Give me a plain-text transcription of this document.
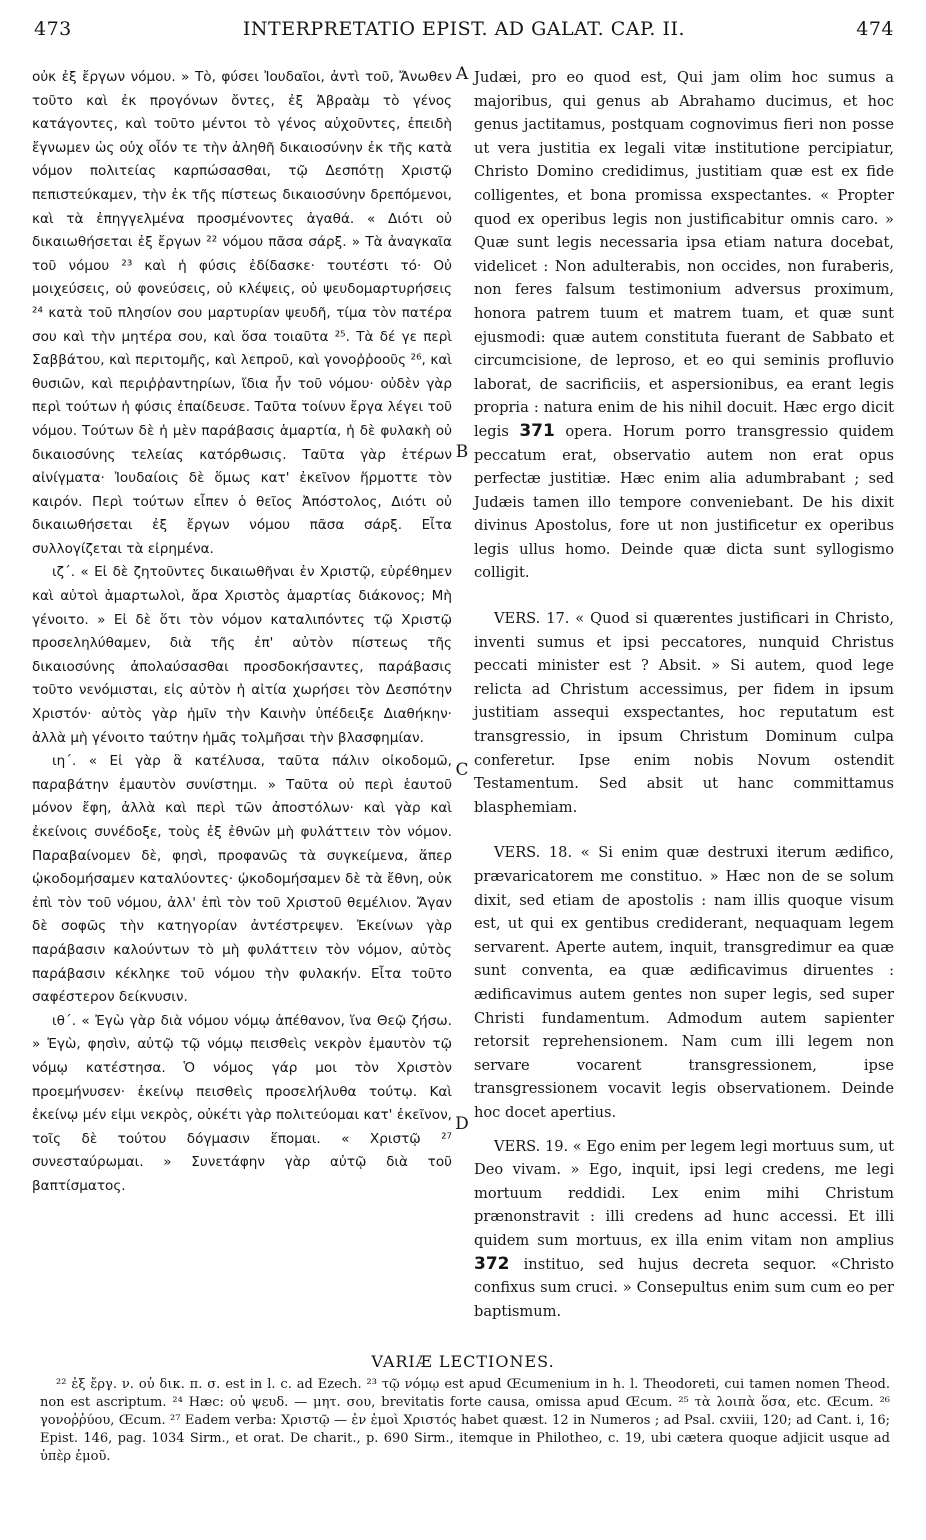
473	INTERPRETATIO EPIST. AD GALAT. CAP. II.	474
A
B
C
D

οὐκ ἐξ ἔργων νόμου. » Τὸ, φύσει Ἰουδαῖοι, ἀντὶ τοῦ, Ἄνωθεν τοῦτο καὶ ἐκ προγόνων ὄντες, ἐξ Ἀβραὰμ τὸ γένος κατάγοντες, καὶ τοῦτο μέντοι τὸ γένος αὐχοῦντες, ἐπειδὴ ἔγνωμεν ὡς οὐχ οἷόν τε τὴν ἀληθῆ δικαιοσύνην ἐκ τῆς κατὰ νόμον πολιτείας καρπώσασθαι, τῷ Δεσπότῃ Χριστῷ πεπιστεύκαμεν, τὴν ἐκ τῆς πίστεως δικαιοσύνην δρεπόμενοι, καὶ τὰ ἐπηγγελμένα προσμένοντες ἀγαθά. « Διότι οὐ δικαιωθήσεται ἐξ ἔργων ²² νόμου πᾶσα σάρξ. » Τὰ ἀναγκαῖα τοῦ νόμου ²³ καὶ ἡ φύσις ἐδίδασκε· τουτέστι τό· Οὐ μοιχεύσεις, οὐ φονεύσεις, οὐ κλέψεις, οὐ ψευδομαρτυρήσεις ²⁴ κατὰ τοῦ πλησίον σου μαρτυρίαν ψευδῆ, τίμα τὸν πατέρα σου καὶ τὴν μητέρα σου, καὶ ὅσα τοιαῦτα ²⁵. Τὰ δέ γε περὶ Σαββάτου, καὶ περιτομῆς, καὶ λεπροῦ, καὶ γονοῤῥοοῦς ²⁶, καὶ θυσιῶν, καὶ περιῤῥαντηρίων, ἴδια ἦν τοῦ νόμου· οὐδὲν γὰρ περὶ τούτων ἡ φύσις ἐπαίδευσε. Ταῦτα τοίνυν ἔργα λέγει τοῦ νόμου. Τούτων δὲ ἡ μὲν παράβασις ἁμαρτία, ἡ δὲ φυλακὴ οὐ δικαιοσύνης τελείας κατόρθωσις. Ταῦτα γὰρ ἑτέρων αἰνίγματα· Ἰουδαίοις δὲ ὅμως κατ' ἐκεῖνον ἥρμοττε τὸν καιρόν. Περὶ τούτων εἶπεν ὁ θεῖος Ἀπόστολος, Διότι οὐ δικαιωθήσεται ἐξ ἔργων νόμου πᾶσα σάρξ. Εἶτα συλλογίζεται τὰ εἰρημένα.

ιζ΄. « Εἰ δὲ ζητοῦντες δικαιωθῆναι ἐν Χριστῷ, εὑρέθημεν καὶ αὐτοὶ ἁμαρτωλοὶ, ἄρα Χριστὸς ἁμαρτίας διάκονος; Μὴ γένοιτο. » Εἰ δὲ ὅτι τὸν νόμον καταλιπόντες τῷ Χριστῷ προσεληλύθαμεν, διὰ τῆς ἐπ' αὐτὸν πίστεως τῆς δικαιοσύνης ἀπολαύσασθαι προσδοκήσαντες, παράβασις τοῦτο νενόμισται, εἰς αὐτὸν ἡ αἰτία χωρήσει τὸν Δεσπότην Χριστόν· αὐτὸς γὰρ ἡμῖν τὴν Καινὴν ὑπέδειξε Διαθήκην· ἀλλὰ μὴ γένοιτο ταύτην ἡμᾶς τολμῆσαι τὴν βλασφημίαν.

ιη΄. « Εἰ γὰρ ἃ κατέλυσα, ταῦτα πάλιν οἰκοδομῶ, παραβάτην ἐμαυτὸν συνίστημι. » Ταῦτα οὐ περὶ ἑαυτοῦ μόνον ἔφη, ἀλλὰ καὶ περὶ τῶν ἀποστόλων· καὶ γὰρ καὶ ἐκείνοις συνέδοξε, τοὺς ἐξ ἐθνῶν μὴ φυλάττειν τὸν νόμον. Παραβαίνομεν δὲ, φησὶ, προφανῶς τὰ συγκείμενα, ἅπερ ᾠκοδομήσαμεν καταλύοντες· ᾠκοδομήσαμεν δὲ τὰ ἔθνη, οὐκ ἐπὶ τὸν τοῦ νόμου, ἀλλ' ἐπὶ τὸν τοῦ Χριστοῦ θεμέλιον. Ἄγαν δὲ σοφῶς τὴν κατηγορίαν ἀντέστρεψεν. Ἐκείνων γὰρ παράβασιν καλούντων τὸ μὴ φυλάττειν τὸν νόμον, αὐτὸς παράβασιν κέκληκε τοῦ νόμου τὴν φυλακήν. Εἶτα τοῦτο σαφέστερον δείκνυσιν.

ιθ΄. « Ἐγὼ γὰρ διὰ νόμου νόμῳ ἀπέθανον, ἵνα Θεῷ ζήσω. » Ἐγὼ, φησὶν, αὐτῷ τῷ νόμῳ πεισθεὶς νεκρὸν ἐμαυτὸν τῷ νόμῳ κατέστησα. Ὁ νόμος γάρ μοι τὸν Χριστὸν προεμήνυσεν· ἐκείνῳ πεισθεὶς προσελήλυθα τούτῳ. Καὶ ἐκείνῳ μέν εἰμι νεκρὸς, οὐκέτι γὰρ πολιτεύομαι κατ' ἐκεῖνον, τοῖς δὲ τούτου δόγμασιν ἕπομαι. « Χριστῷ ²⁷ συνεσταύρωμαι. » Συνετάφην γὰρ αὐτῷ διὰ τοῦ βαπτίσματος.

Judæi, pro eo quod est, Qui jam olim hoc sumus a majoribus, qui genus ab Abrahamo ducimus, et hoc genus jactitamus, postquam cognovimus fieri non posse ut vera justitia ex legali vitæ institutione percipiatur, Christo Domino credidimus, justitiam quæ est ex fide colligentes, et bona promissa exspectantes. « Propter quod ex operibus legis non justificabitur omnis caro. » Quæ sunt legis necessaria ipsa etiam natura docebat, videlicet : Non adulterabis, non occides, non furaberis, non feres falsum testimonium adversus proximum, honora patrem tuum et matrem tuam, et quæ sunt ejusmodi: quæ autem constituta fuerant de Sabbato et circumcisione, de leproso, et eo qui seminis profluvio laborat, de sacrificiis, et aspersionibus, ea erant legis propria : natura enim de his nihil docuit. Hæc ergo dicit legis 371 opera. Horum porro transgressio quidem peccatum erat, observatio autem non erat opus perfectæ justitiæ. Hæc enim alia adumbrabant ; sed Judæis tamen illo tempore conveniebant. De his dixit divinus Apostolus, fore ut non justificetur ex operibus legis ullus homo. Deinde quæ dicta sunt syllogismo colligit.

VERS. 17. « Quod si quærentes justificari in Christo, inventi sumus et ipsi peccatores, nunquid Christus peccati minister est ? Absit. » Si autem, quod lege relicta ad Christum accessimus, per fidem in ipsum justitiam assequi exspectantes, hoc reputatum est transgressio, in ipsum Christum Dominum culpa conferetur. Ipse enim nobis Novum ostendit Testamentum. Sed absit ut hanc committamus blasphemiam.

VERS. 18. « Si enim quæ destruxi iterum ædifico, prævaricatorem me constituo. » Hæc non de se solum dixit, sed etiam de apostolis : nam illis quoque visum est, ut qui ex gentibus crediderant, nequaquam legem servarent. Aperte autem, inquit, transgredimur ea quæ sunt conventa, ea quæ ædificavimus diruentes : ædificavimus autem gentes non super legis, sed super Christi fundamentum. Admodum autem sapienter retorsit reprehensionem. Nam cum illi legem non servare vocarent transgressionem, ipse transgressionem vocavit legis observationem. Deinde hoc docet apertius.

VERS. 19. « Ego enim per legem legi mortuus sum, ut Deo vivam. » Ego, inquit, ipsi legi credens, me legi mortuum reddidi. Lex enim mihi Christum prænonstravit : illi credens ad hunc accessi. Et illi quidem sum mortuus, ex illa enim vitam non amplius 372 instituo, sed hujus decreta sequor. «Christo confixus sum cruci. » Consepultus enim sum cum eo per baptismum.

VARIÆ LECTIONES.

²² ἐξ ἔργ. ν. οὐ δικ. π. σ. est in l. c. ad Ezech. ²³ τῷ νόμῳ est apud Œcumenium in h. l. Theodoreti, cui tamen nomen Theod. non est ascriptum. ²⁴ Hæc: οὐ ψευδ. — μητ. σου, brevitatis forte causa, omissa apud Œcum. ²⁵ τὰ λοιπὰ ὅσα, etc. Œcum. ²⁶ γονοῤῥύου, Œcum. ²⁷ Eadem verba: Χριστῷ — ἐν ἐμοὶ Χριστός habet quæst. 12 in Numeros ; ad Psal. cxviii, 120; ad Cant. i, 16; Epist. 146, pag. 1034 Sirm., et orat. De charit., p. 690 Sirm., itemque in Philotheo, c. 19, ubi cætera quoque adjicit usque ad ὑπὲρ ἐμοῦ.
